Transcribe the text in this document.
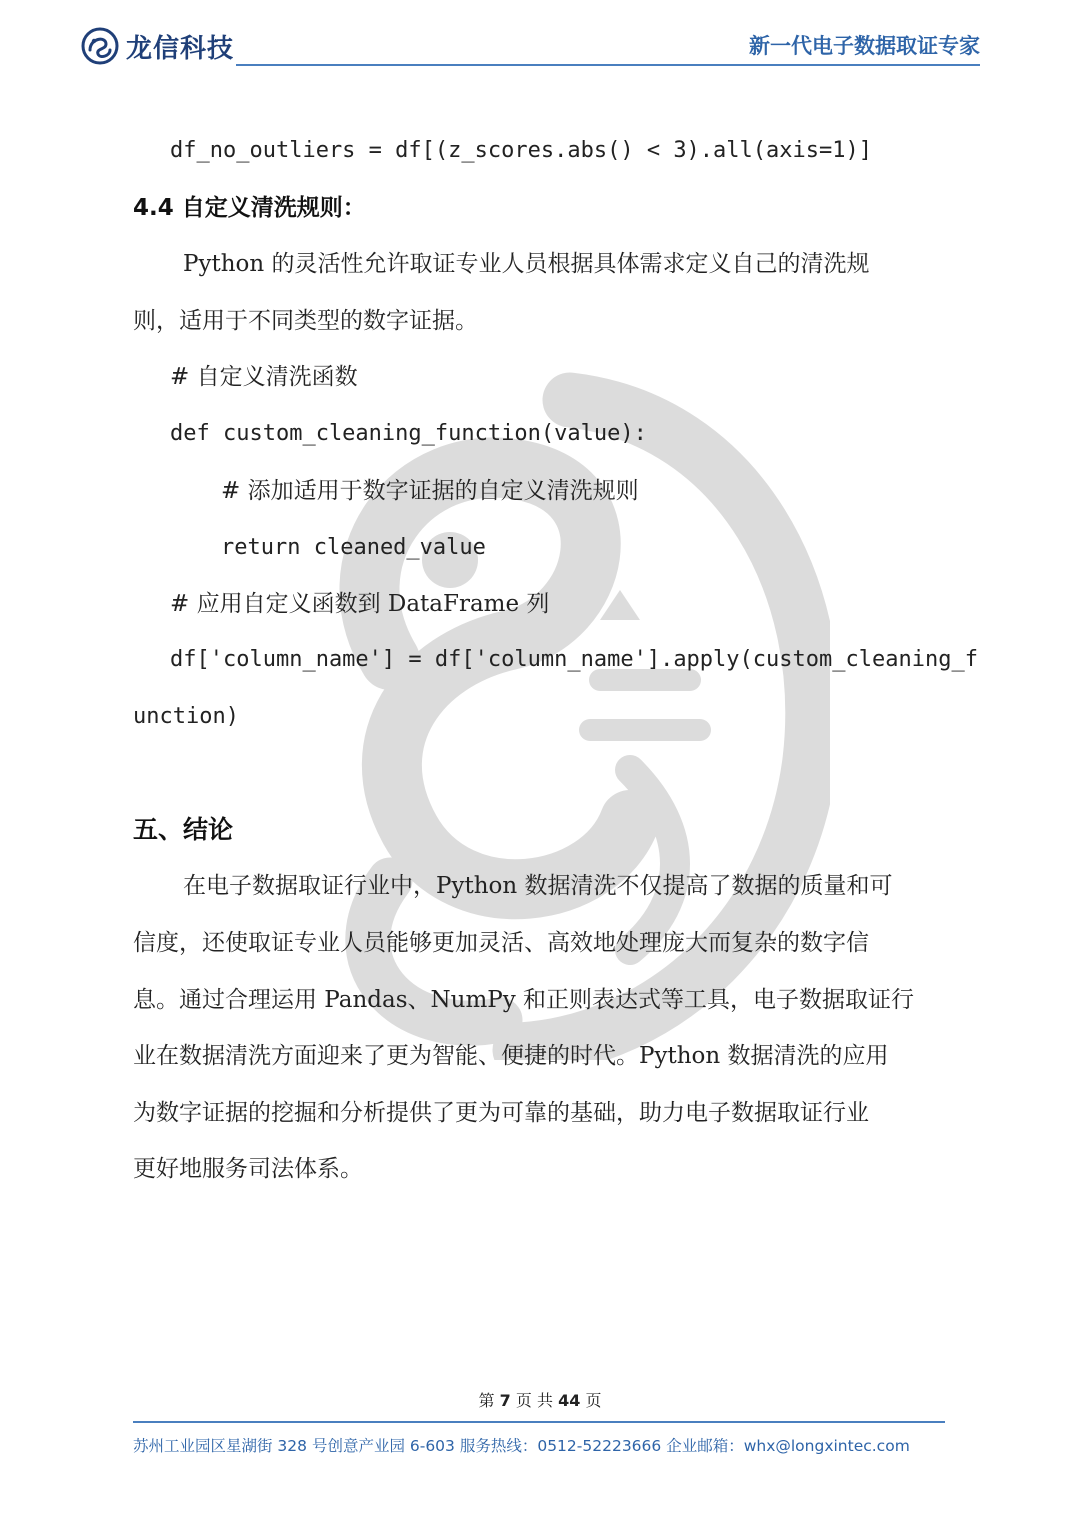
龙信科技	新一代电子数据取证专家
df_no_outliers = df[(z_scores.abs() < 3).all(axis=1)]
4.4 自定义清洗规则：
Python 的灵活性允许取证专业人员根据具体需求定义自己的清洗规
则，适用于不同类型的数字证据。
# 自定义清洗函数
def custom_cleaning_function(value):
# 添加适用于数字证据的自定义清洗规则
return cleaned_value
# 应用自定义函数到 DataFrame 列
df['column_name'] = df['column_name'].apply(custom_cleaning_f
unction)
五、结论
在电子数据取证行业中，Python 数据清洗不仅提高了数据的质量和可
信度，还使取证专业人员能够更加灵活、高效地处理庞大而复杂的数字信
息。通过合理运用 Pandas、NumPy 和正则表达式等工具，电子数据取证行
业在数据清洗方面迎来了更为智能、便捷的时代。Python 数据清洗的应用
为数字证据的挖掘和分析提供了更为可靠的基础，助力电子数据取证行业
更好地服务司法体系。
第 7 页 共 44 页
苏州工业园区星湖街 328 号创意产业园 6-603 服务热线：0512-52223666 企业邮箱：whx@longxintec.com
